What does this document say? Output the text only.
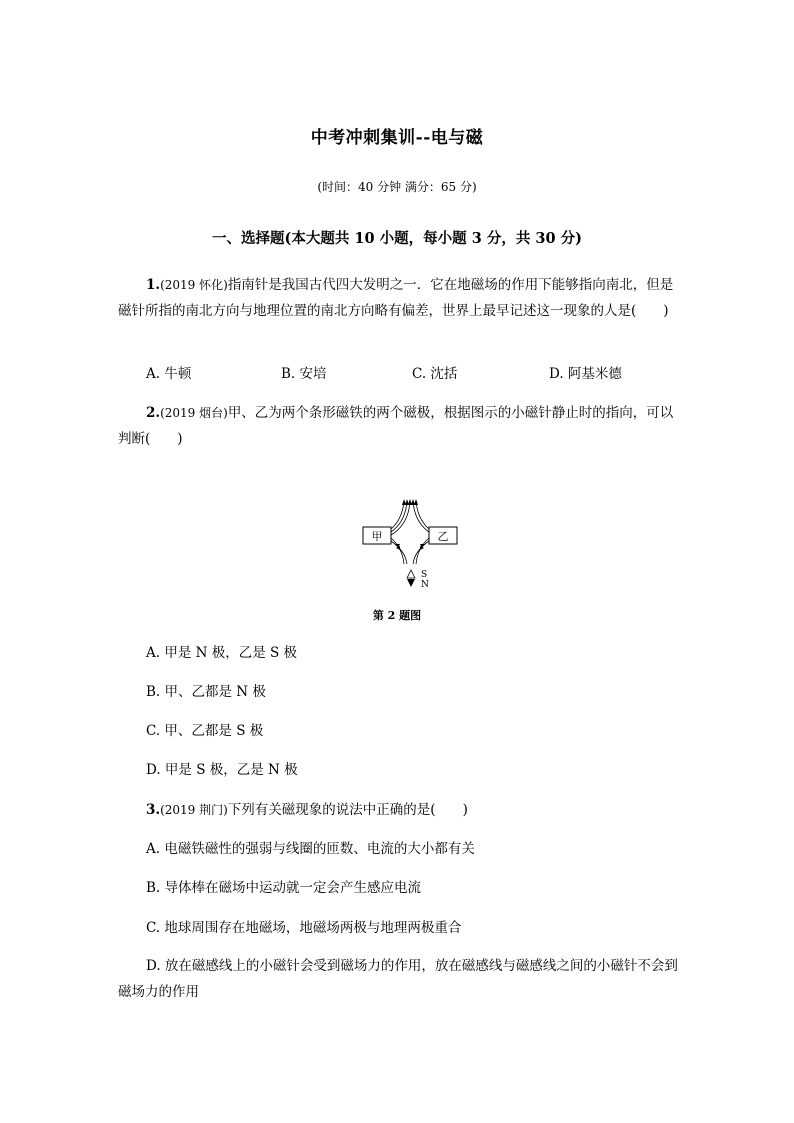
中考冲刺集训--电与磁
(时间：40 分钟 满分：65 分)
一、选择题(本大题共 10 小题，每小题 3 分，共 30 分)
1.(2019 怀化)指南针是我国古代四大发明之一．它在地磁场的作用下能够指向南北，但是磁针所指的南北方向与地理位置的南北方向略有偏差，世界上最早记述这一现象的人是(　　)
A. 牛顿	B. 安培	C. 沈括	D. 阿基米德
2.(2019 烟台)甲、乙为两个条形磁铁的两个磁极，根据图示的小磁针静止时的指向，可以判断(　　)
甲	乙
S
N
第 2 题图
A. 甲是 N 极，乙是 S 极
B. 甲、乙都是 N 极
C. 甲、乙都是 S 极
D. 甲是 S 极，乙是 N 极
3.(2019 荆门)下列有关磁现象的说法中正确的是(　　)
A. 电磁铁磁性的强弱与线圈的匝数、电流的大小都有关
B. 导体棒在磁场中运动就一定会产生感应电流
C. 地球周围存在地磁场，地磁场两极与地理两极重合
D. 放在磁感线上的小磁针会受到磁场力的作用，放在磁感线与磁感线之间的小磁针不会到磁场力的作用
